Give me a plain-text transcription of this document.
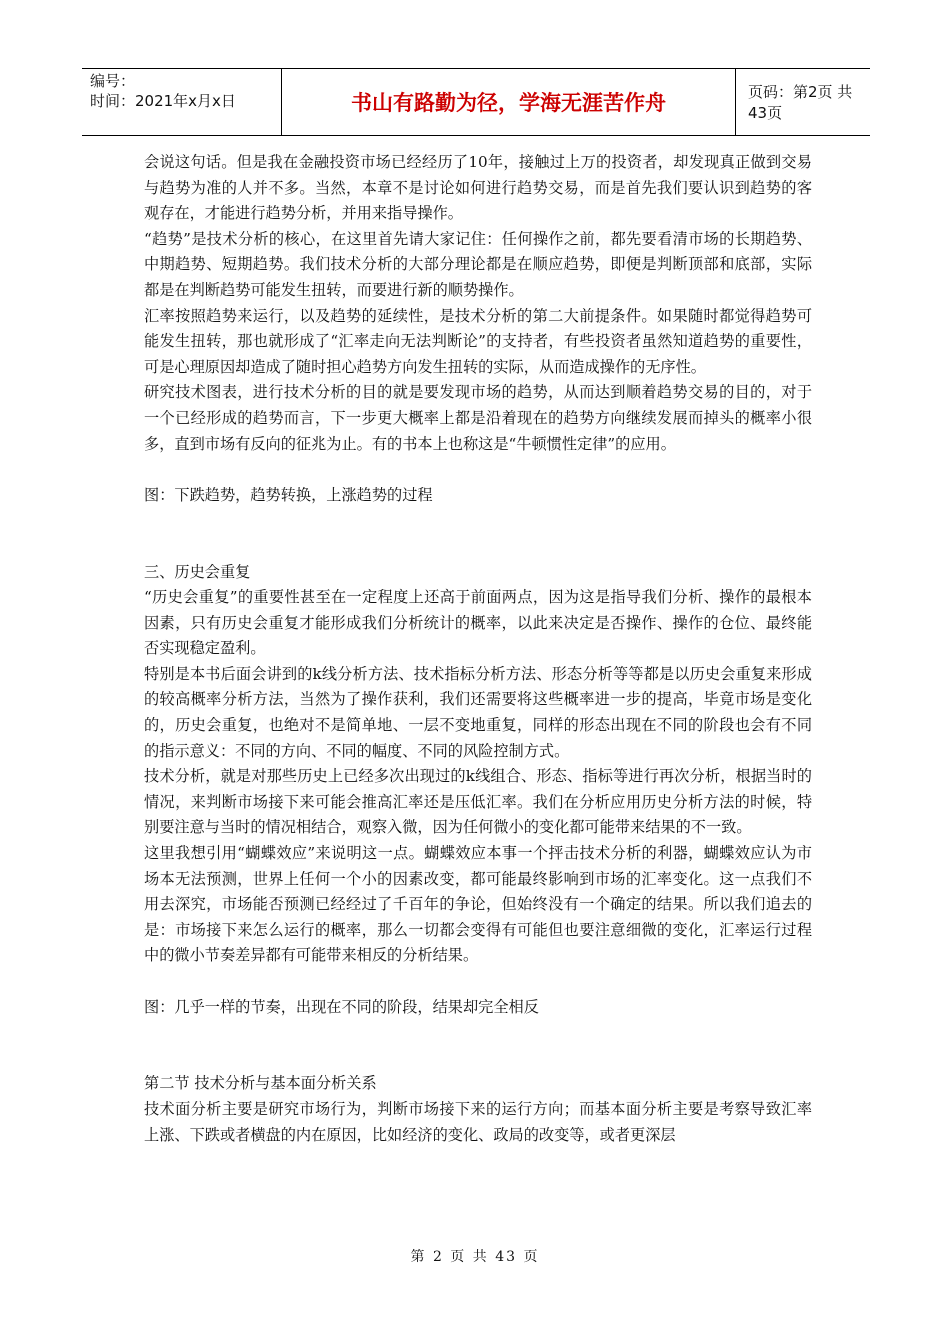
编号：
时间：2021年x月x日	书山有路勤为径，学海无涯苦作舟	页码：第2页 共43页

会说这句话。但是我在金融投资市场已经经历了10年，接触过上万的投资者，却发现真正做到交易与趋势为准的人并不多。当然，本章不是讨论如何进行趋势交易，而是首先我们要认识到趋势的客观存在，才能进行趋势分析，并用来指导操作。

“趋势”是技术分析的核心，在这里首先请大家记住：任何操作之前，都先要看清市场的长期趋势、中期趋势、短期趋势。我们技术分析的大部分理论都是在顺应趋势，即便是判断顶部和底部，实际都是在判断趋势可能发生扭转，而要进行新的顺势操作。

汇率按照趋势来运行，以及趋势的延续性，是技术分析的第二大前提条件。如果随时都觉得趋势可能发生扭转，那也就形成了“汇率走向无法判断论”的支持者，有些投资者虽然知道趋势的重要性，可是心理原因却造成了随时担心趋势方向发生扭转的实际，从而造成操作的无序性。

研究技术图表，进行技术分析的目的就是要发现市场的趋势，从而达到顺着趋势交易的目的，对于一个已经形成的趋势而言，下一步更大概率上都是沿着现在的趋势方向继续发展而掉头的概率小很多，直到市场有反向的征兆为止。有的书本上也称这是“牛顿惯性定律”的应用。

图：下跌趋势，趋势转换，上涨趋势的过程

三、历史会重复

“历史会重复”的重要性甚至在一定程度上还高于前面两点，因为这是指导我们分析、操作的最根本因素，只有历史会重复才能形成我们分析统计的概率，以此来决定是否操作、操作的仓位、最终能否实现稳定盈利。

特别是本书后面会讲到的k线分析方法、技术指标分析方法、形态分析等等都是以历史会重复来形成的较高概率分析方法，当然为了操作获利，我们还需要将这些概率进一步的提高，毕竟市场是变化的，历史会重复，也绝对不是简单地、一层不变地重复，同样的形态出现在不同的阶段也会有不同的指示意义：不同的方向、不同的幅度、不同的风险控制方式。

技术分析，就是对那些历史上已经多次出现过的k线组合、形态、指标等进行再次分析，根据当时的情况，来判断市场接下来可能会推高汇率还是压低汇率。我们在分析应用历史分析方法的时候，特别要注意与当时的情况相结合，观察入微，因为任何微小的变化都可能带来结果的不一致。

这里我想引用“蝴蝶效应”来说明这一点。蝴蝶效应本事一个抨击技术分析的利器，蝴蝶效应认为市场本无法预测，世界上任何一个小的因素改变，都可能最终影响到市场的汇率变化。这一点我们不用去深究，市场能否预测已经经过了千百年的争论，但始终没有一个确定的结果。所以我们追去的是：市场接下来怎么运行的概率，那么一切都会变得有可能但也要注意细微的变化，汇率运行过程中的微小节奏差异都有可能带来相反的分析结果。

图：几乎一样的节奏，出现在不同的阶段，结果却完全相反

第二节 技术分析与基本面分析关系

技术面分析主要是研究市场行为，判断市场接下来的运行方向；而基本面分析主要是考察导致汇率上涨、下跌或者横盘的内在原因，比如经济的变化、政局的改变等，或者更深层

第 2 页 共 43 页
